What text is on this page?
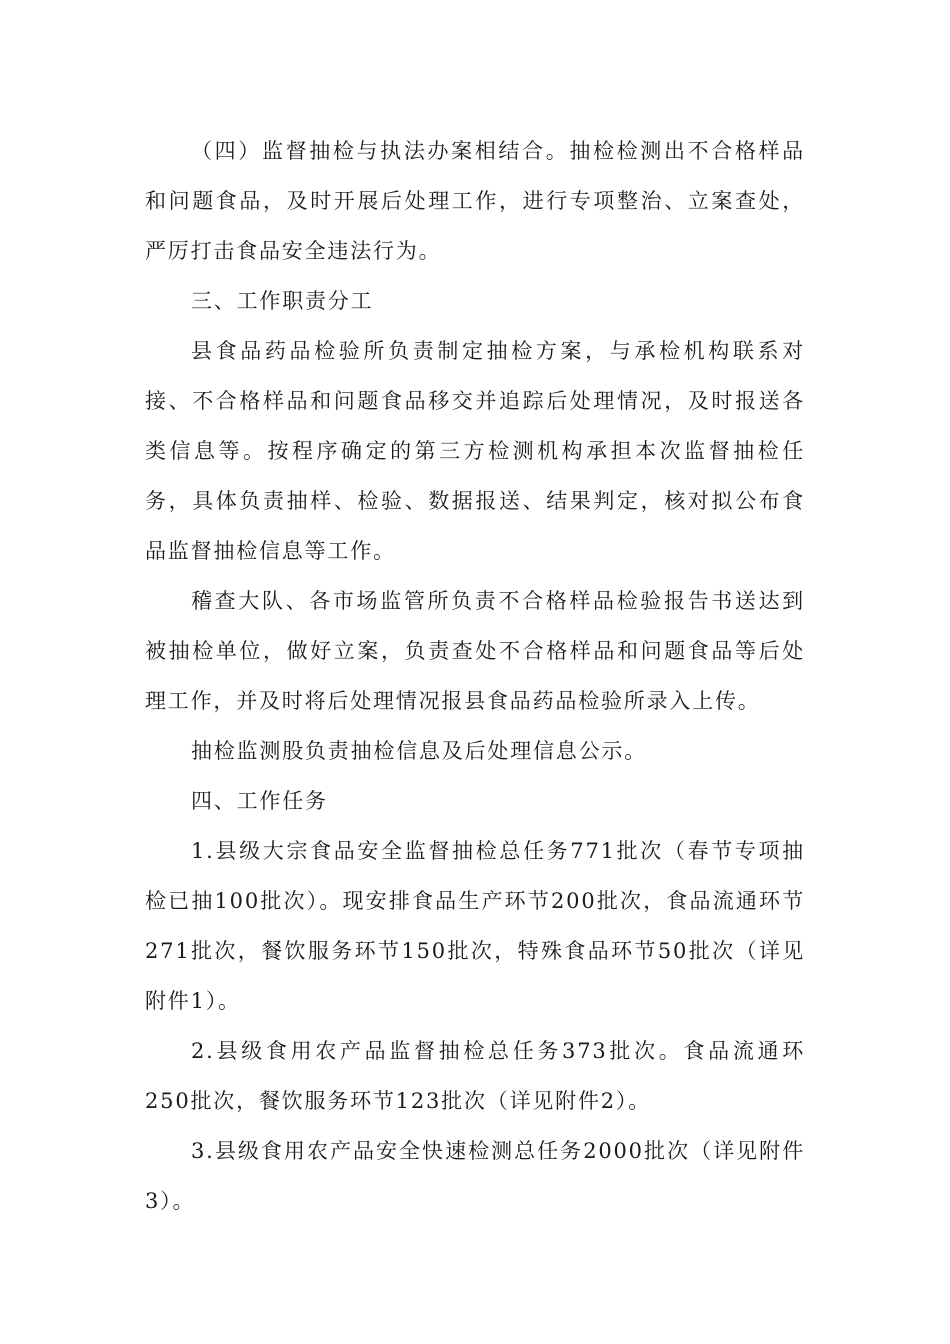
（四）监督抽检与执法办案相结合。抽检检测出不合格样品和问题食品，及时开展后处理工作，进行专项整治、立案查处，严厉打击食品安全违法行为。

三、工作职责分工

县食品药品检验所负责制定抽检方案，与承检机构联系对接、不合格样品和问题食品移交并追踪后处理情况，及时报送各类信息等。按程序确定的第三方检测机构承担本次监督抽检任务，具体负责抽样、检验、数据报送、结果判定，核对拟公布食品监督抽检信息等工作。

稽查大队、各市场监管所负责不合格样品检验报告书送达到被抽检单位，做好立案，负责查处不合格样品和问题食品等后处理工作，并及时将后处理情况报县食品药品检验所录入上传。

抽检监测股负责抽检信息及后处理信息公示。

四、工作任务

1.县级大宗食品安全监督抽检总任务771批次（春节专项抽检已抽100批次）。现安排食品生产环节200批次，食品流通环节271批次，餐饮服务环节150批次，特殊食品环节50批次（详见附件1）。

2.县级食用农产品监督抽检总任务373批次。食品流通环250批次，餐饮服务环节123批次（详见附件2）。

3.县级食用农产品安全快速检测总任务2000批次（详见附件3）。
